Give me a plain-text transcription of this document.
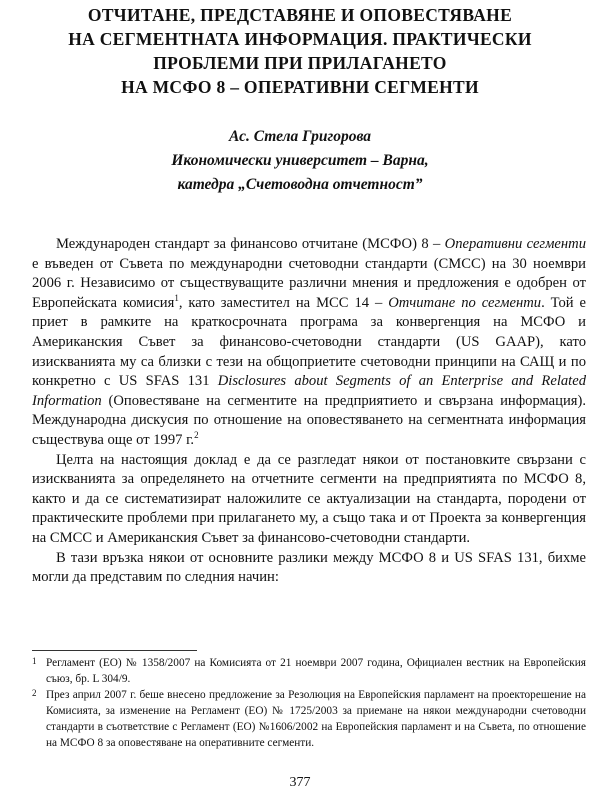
ОТЧИТАНЕ, ПРЕДСТАВЯНЕ И ОПОВЕСТЯВАНЕ
НА СЕГМЕНТНАТА ИНФОРМАЦИЯ. ПРАКТИЧЕСКИ
ПРОБЛЕМИ ПРИ ПРИЛАГАНЕТО
НА МСФО 8 – ОПЕРАТИВНИ СЕГМЕНТИ
Ас. Стела Григорова
Икономически университет – Варна,
катедра „Счетоводна отчетност”

Международен стандарт за финансово отчитане (МСФО) 8 – Оперативни сегменти е въведен от Съвета по международни счетоводни стандарти (СМСС) на 30 ноември 2006 г. Независимо от съществуващите различни мнения и предложения е одобрен от Европейската комисия$^1$, като заместител на МСС 14 – Отчитане по сегменти. Той е приет в рамките на краткосрочната програма за конвергенция на МСФО и Американския Съвет за финансово-счетоводни стандарти (US GAAP), като изискванията му са близки с тези на общоприетите счетоводни принципи на САЩ и по конкретно с US SFAS 131 Disclosures about Segments of an Enterprise and Related Information (Оповестяване на сегментите на предприятието и свързана информация). Международна дискусия по отношение на оповестяването на сегментната информация съществува още от 1997 г.$^2$

Целта на настоящия доклад е да се разгледат някои от постановките свързани с изискванията за определянето на отчетните сегменти на предприятията по МСФО 8, както и да се систематизират наложилите се актуализации на стандарта, породени от практическите проблеми при прилагането му, а също така и от Проекта за конвергенция на СМСС и Американския Съвет за финансово-счетоводни стандарти.

В тази връзка някои от основните разлики между МСФО 8 и US SFAS 131, бихме могли да представим по следния начин:

1 Регламент (ЕО) № 1358/2007 на Комисията от 21 ноември 2007 година, Официален вестник на Европейския съюз, бр. L 304/9.
2 През април 2007 г. беше внесено предложение за Резолюция на Европейския парламент на проекторешение на Комисията, за изменение на Регламент (ЕО) № 1725/2003 за приемане на някои международни счетоводни стандарти в съответствие с Регламент (ЕО) №1606/2002 на Европейския парламент и на Съвета, по отношение на МСФО 8 за оповестяване на оперативните сегменти.
377
